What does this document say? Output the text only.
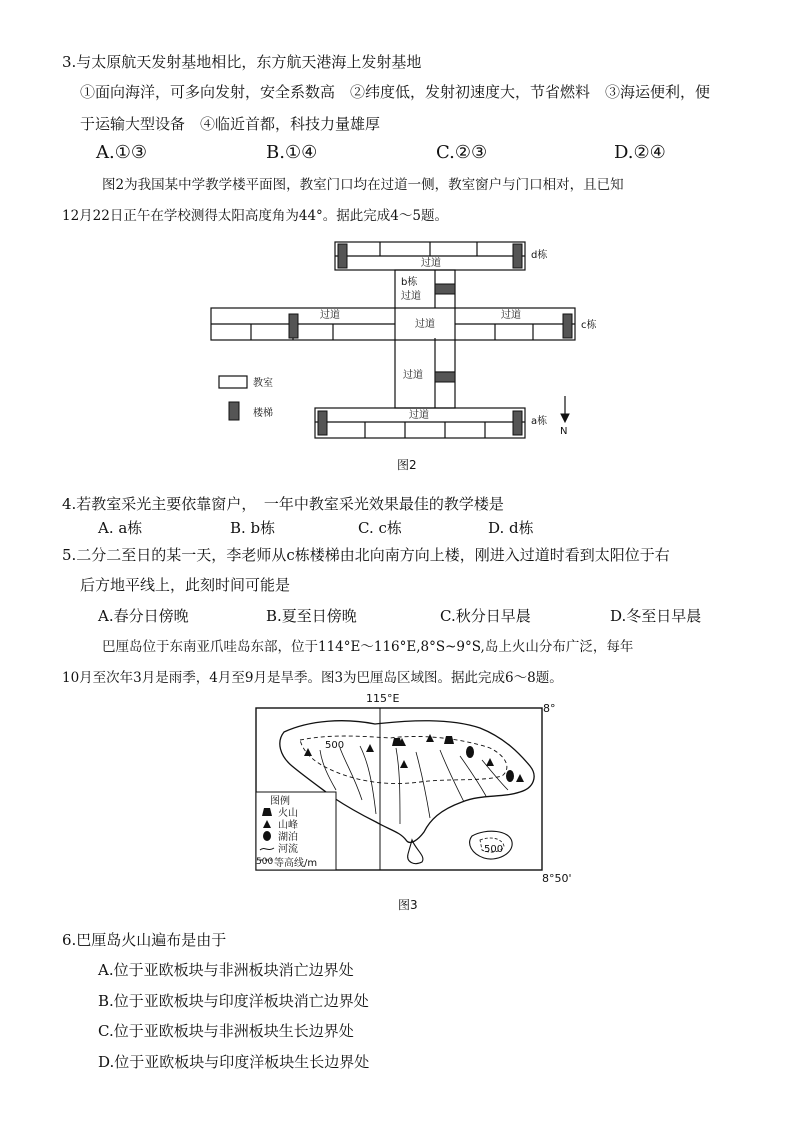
3.与太原航天发射基地相比，东方航天港海上发射基地
①面向海洋，可多向发射，安全系数高　②纬度低，发射初速度大，节省燃料　③海运便利，便
于运输大型设备　④临近首都，科技力量雄厚
A.①③	B.①④	C.②③	D.②④
图2为我国某中学教学楼平面图，教室门口均在过道一侧，教室窗户与门口相对，且已知
12月22日正午在学校测得太阳高度角为44°。据此完成4～5题。
过道
d栋
b栋
过道
过道
过道
过道
c栋
过道
过道
a栋
N
教室
楼梯
图2
4.若教室采光主要依靠窗户，　一年中教室采光效果最佳的教学楼是
A. a栋	B. b栋	C. c栋	D. d栋
5.二分二至日的某一天，李老师从c栋楼梯由北向南方向上楼，刚进入过道时看到太阳位于右
后方地平线上，此刻时间可能是
A.春分日傍晚	B.夏至日傍晚	C.秋分日早晨	D.冬至日早晨
巴厘岛位于东南亚爪哇岛东部，位于114°E～116°E,8°S~9°S,岛上火山分布广泛，每年
10月至次年3月是雨季，4月至9月是旱季。图3为巴厘岛区域图。据此完成6～8题。
115°E
8°
8°50'
500
500
图例
火山
山峰
湖泊
河流
500 等高线/m
图3
6.巴厘岛火山遍布是由于
A.位于亚欧板块与非洲板块消亡边界处
B.位于亚欧板块与印度洋板块消亡边界处
C.位于亚欧板块与非洲板块生长边界处
D.位于亚欧板块与印度洋板块生长边界处
